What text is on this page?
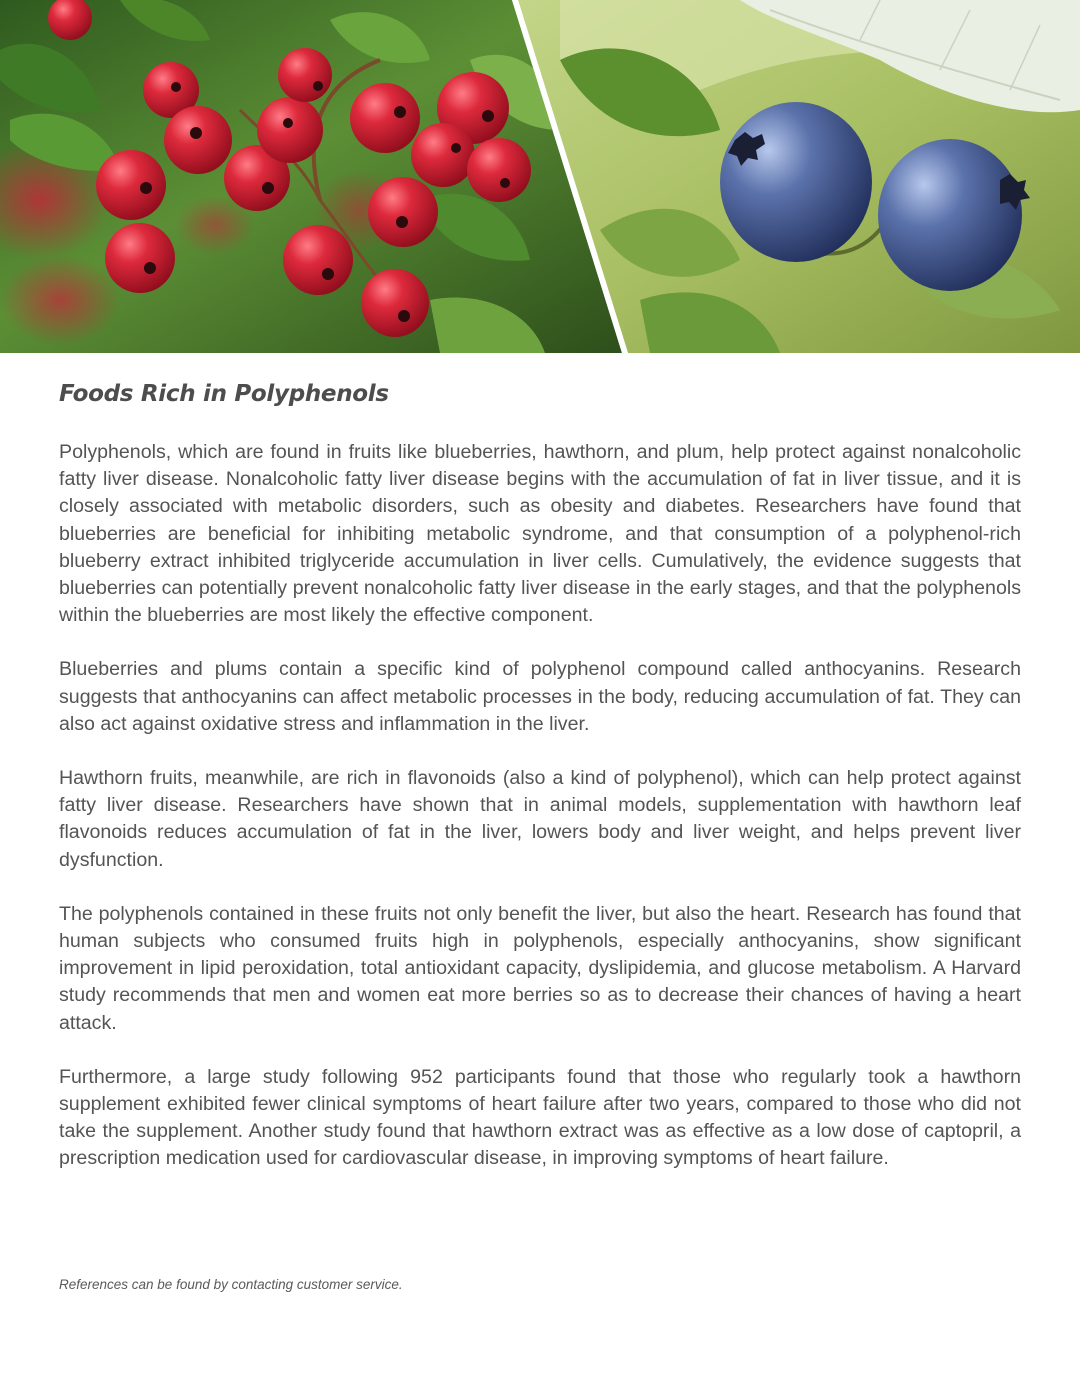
Foods Rich in Polyphenols

Polyphenols, which are found in fruits like blueberries, hawthorn, and plum, help protect against nonalcoholic fatty liver disease. Nonalcoholic fatty liver disease begins with the accumulation of fat in liver tissue, and it is closely associated with metabolic disorders, such as obesity and diabetes. Researchers have found that blueberries are beneficial for inhibiting metabolic syndrome, and that consumption of a polyphenol-rich blueberry extract inhibited triglyceride accumulation in liver cells. Cumulatively, the evidence suggests that blueberries can potentially prevent nonalcoholic fatty liver disease in the early stages, and that the polyphenols within the blueberries are most likely the effective component.

Blueberries and plums contain a specific kind of polyphenol compound called anthocyanins. Research suggests that anthocyanins can affect metabolic processes in the body, reducing accumulation of fat. They can also act against oxidative stress and inflammation in the liver.

Hawthorn fruits, meanwhile, are rich in flavonoids (also a kind of polyphenol), which can help protect against fatty liver disease. Researchers have shown that in animal models, supplementation with hawthorn leaf flavonoids reduces accumulation of fat in the liver, lowers body and liver weight, and helps prevent liver dysfunction.

The polyphenols contained in these fruits not only benefit the liver, but also the heart. Research has found that human subjects who consumed fruits high in polyphenols, especially anthocyanins, show significant improvement in lipid peroxidation, total antioxidant capacity, dyslipidemia, and glucose metabolism. A Harvard study recommends that men and women eat more berries so as to decrease their chances of having a heart attack.

Furthermore, a large study following 952 participants found that those who regularly took a hawthorn supplement exhibited fewer clinical symptoms of heart failure after two years, compared to those who did not take the supplement. Another study found that hawthorn extract was as effective as a low dose of captopril, a prescription medication used for cardiovascular disease, in improving symptoms of heart failure.

References can be found by contacting customer service.
